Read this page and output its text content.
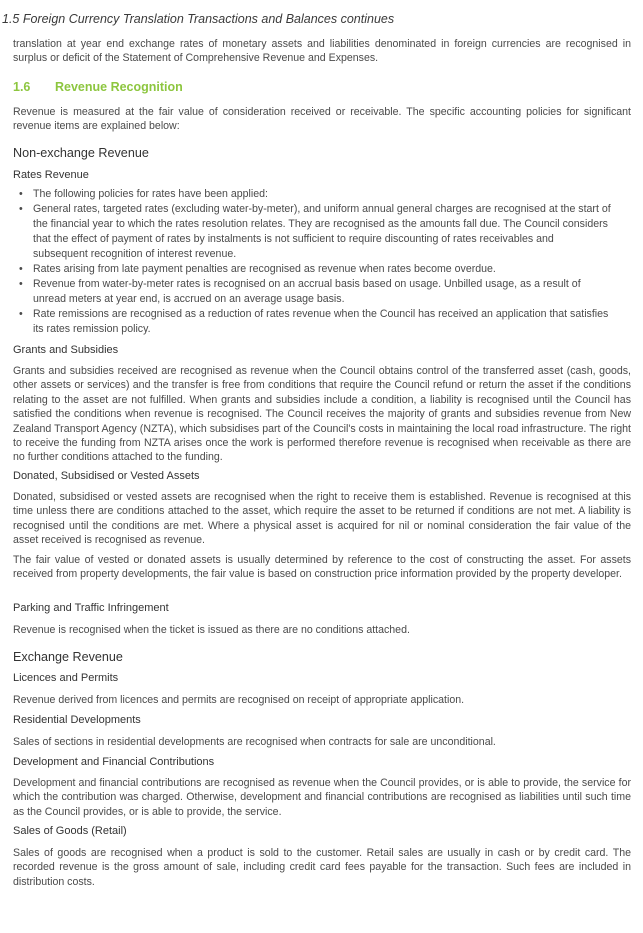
1.5 Foreign Currency Translation Transactions and Balances continues

translation at year end exchange rates of monetary assets and liabilities denominated in foreign currencies are recognised in surplus or deficit of the Statement of Comprehensive Revenue and Expenses.

1.6 Revenue Recognition

Revenue is measured at the fair value of consideration received or receivable. The specific accounting policies for significant revenue items are explained below:

Non-exchange Revenue
Rates Revenue
• The following policies for rates have been applied:
• General rates, targeted rates (excluding water-by-meter), and uniform annual general charges are recognised at the start of the financial year to which the rates resolution relates. They are recognised as the amounts fall due. The Council considers that the effect of payment of rates by instalments is not sufficient to require discounting of rates receivables and subsequent recognition of interest revenue.
• Rates arising from late payment penalties are recognised as revenue when rates become overdue.
• Revenue from water-by-meter rates is recognised on an accrual basis based on usage. Unbilled usage, as a result of unread meters at year end, is accrued on an average usage basis.
• Rate remissions are recognised as a reduction of rates revenue when the Council has received an application that satisfies its rates remission policy.
Grants and Subsidies

Grants and subsidies received are recognised as revenue when the Council obtains control of the transferred asset (cash, goods, other assets or services) and the transfer is free from conditions that require the Council refund or return the asset if the conditions relating to the asset are not fulfilled. When grants and subsidies include a condition, a liability is recognised until the Council has satisfied the conditions when revenue is recognised. The Council receives the majority of grants and subsidies revenue from New Zealand Transport Agency (NZTA), which subsidises part of the Council's costs in maintaining the local road infrastructure. The right to receive the funding from NZTA arises once the work is performed therefore revenue is recognised when receivable as there are no further conditions attached to the funding.

Donated, Subsidised or Vested Assets

Donated, subsidised or vested assets are recognised when the right to receive them is established. Revenue is recognised at this time unless there are conditions attached to the asset, which require the asset to be returned if conditions are not met. A liability is recognised until the conditions are met. Where a physical asset is acquired for nil or nominal consideration the fair value of the asset received is recognised as revenue.

The fair value of vested or donated assets is usually determined by reference to the cost of constructing the asset. For assets received from property developments, the fair value is based on construction price information provided by the property developer.

Parking and Traffic Infringement

Revenue is recognised when the ticket is issued as there are no conditions attached.

Exchange Revenue
Licences and Permits

Revenue derived from licences and permits are recognised on receipt of appropriate application.

Residential Developments

Sales of sections in residential developments are recognised when contracts for sale are unconditional.

Development and Financial Contributions

Development and financial contributions are recognised as revenue when the Council provides, or is able to provide, the service for which the contribution was charged. Otherwise, development and financial contributions are recognised as liabilities until such time as the Council provides, or is able to provide, the service.

Sales of Goods (Retail)

Sales of goods are recognised when a product is sold to the customer. Retail sales are usually in cash or by credit card. The recorded revenue is the gross amount of sale, including credit card fees payable for the transaction. Such fees are included in distribution costs.
